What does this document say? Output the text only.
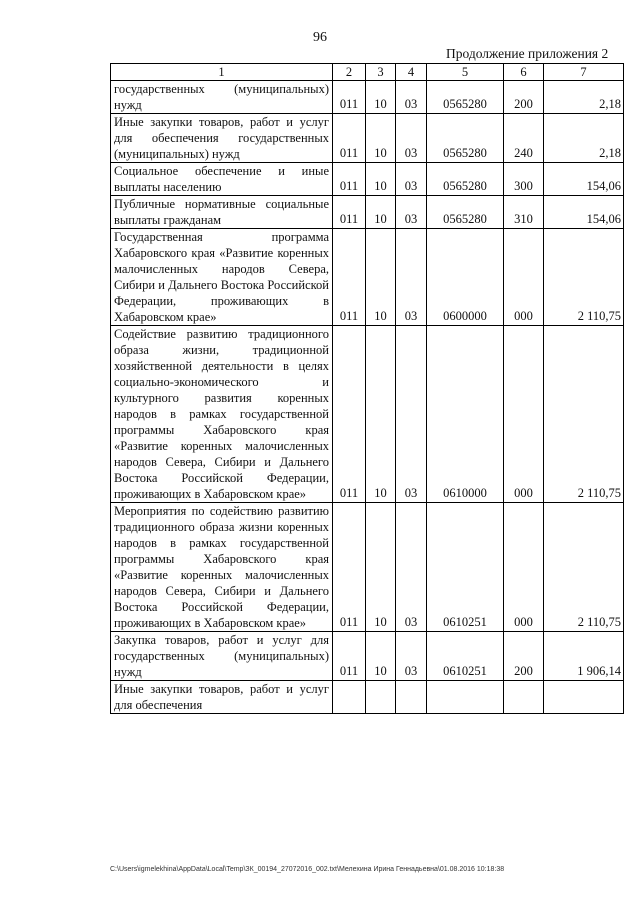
96
Продолжение приложения 2
1	2	3	4	5	6	7
государственных (муниципальных) нужд	011	10	03	0565280	200	2,18
Иные закупки товаров, работ и услуг для обеспечения государственных (муниципальных) нужд	011	10	03	0565280	240	2,18
Социальное обеспечение и иные выплаты населению	011	10	03	0565280	300	154,06
Публичные нормативные социальные выплаты гражданам	011	10	03	0565280	310	154,06
Государственная программа Хабаровского края «Развитие коренных малочисленных народов Севера, Сибири и Дальнего Востока Российской Федерации, проживающих в Хабаровском крае»	011	10	03	0600000	000	2 110,75
Содействие развитию традиционного образа жизни, традиционной хозяйственной деятельности в целях социально-экономического и культурного развития коренных народов в рамках государственной программы Хабаровского края «Развитие коренных малочисленных народов Севера, Сибири и Дальнего Востока Российской Федерации, проживающих в Хабаровском крае»	011	10	03	0610000	000	2 110,75
Мероприятия по содействию развитию традиционного образа жизни коренных народов в рамках государственной программы Хабаровского края «Развитие коренных малочисленных народов Севера, Сибири и Дальнего Востока Российской Федерации, проживающих в Хабаровском крае»	011	10	03	0610251	000	2 110,75
Закупка товаров, работ и услуг для государственных (муниципальных) нужд	011	10	03	0610251	200	1 906,14
Иные закупки товаров, работ и услуг для обеспечения						
C:\Users\igmelekhina\AppData\Local\Temp\ЗК_00194_27072016_002.txt\Мелехина Ирина Геннадьевна\01.08.2016 10:18:38
